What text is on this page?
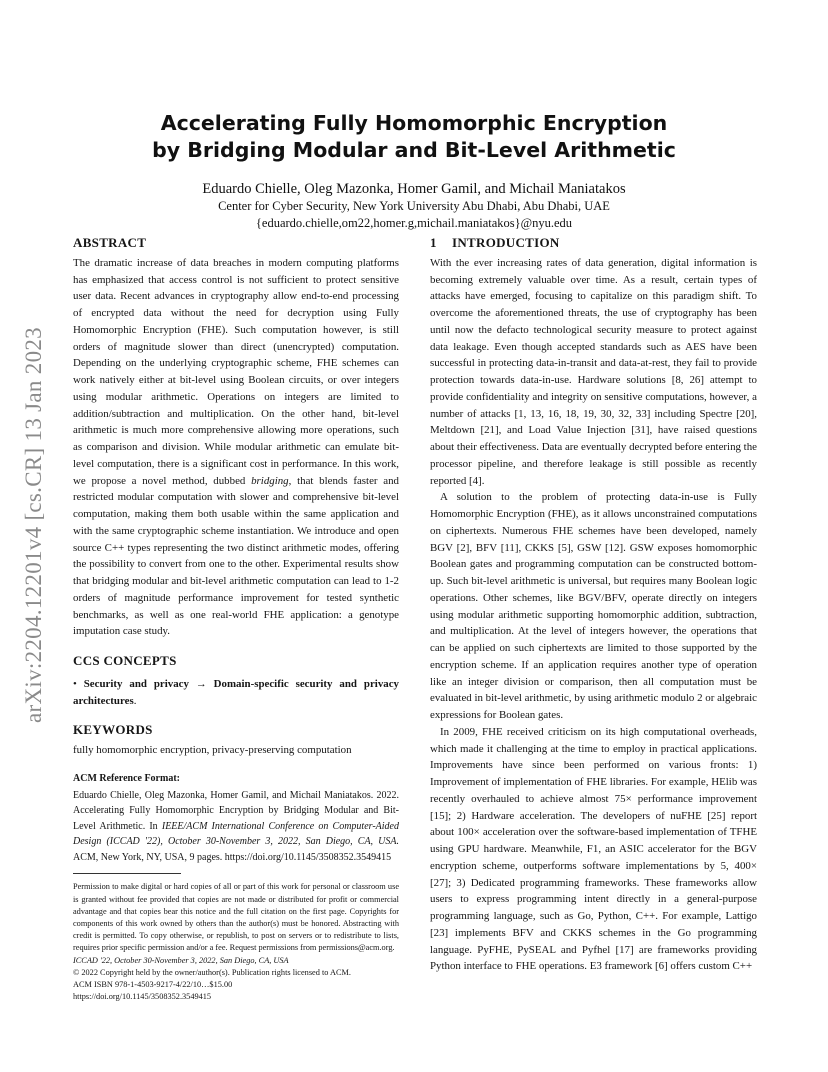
arXiv:2204.12201v4 [cs.CR] 13 Jan 2023
Accelerating Fully Homomorphic Encryption
by Bridging Modular and Bit-Level Arithmetic
Eduardo Chielle, Oleg Mazonka, Homer Gamil, and Michail Maniatakos
Center for Cyber Security, New York University Abu Dhabi, Abu Dhabi, UAE
{eduardo.chielle,om22,homer.g,michail.maniatakos}@nyu.edu
ABSTRACT

The dramatic increase of data breaches in modern computing platforms has emphasized that access control is not sufficient to protect sensitive user data. Recent advances in cryptography allow end-to-end processing of encrypted data without the need for decryption using Fully Homomorphic Encryption (FHE). Such computation however, is still orders of magnitude slower than direct (unencrypted) computation. Depending on the underlying cryptographic scheme, FHE schemes can work natively either at bit-level using Boolean circuits, or over integers using modular arithmetic. Operations on integers are limited to addition/subtraction and multiplication. On the other hand, bit-level arithmetic is much more comprehensive allowing more operations, such as comparison and division. While modular arithmetic can emulate bit-level computation, there is a significant cost in performance. In this work, we propose a novel method, dubbed bridging, that blends faster and restricted modular computation with slower and comprehensive bit-level computation, making them both usable within the same application and with the same cryptographic scheme instantiation. We introduce and open source C++ types representing the two distinct arithmetic modes, offering the possibility to convert from one to the other. Experimental results show that bridging modular and bit-level arithmetic computation can lead to 1-2 orders of magnitude performance improvement for tested synthetic benchmarks, as well as one real-world FHE application: a genotype imputation case study.

CCS CONCEPTS

• Security and privacy → Domain-specific security and privacy architectures.

KEYWORDS

fully homomorphic encryption, privacy-preserving computation

ACM Reference Format:

Eduardo Chielle, Oleg Mazonka, Homer Gamil, and Michail Maniatakos. 2022. Accelerating Fully Homomorphic Encryption by Bridging Modular and Bit-Level Arithmetic. In IEEE/ACM International Conference on Computer-Aided Design (ICCAD '22), October 30-November 3, 2022, San Diego, CA, USA. ACM, New York, NY, USA, 9 pages. https://doi.org/10.1145/3508352.3549415

Permission to make digital or hard copies of all or part of this work for personal or classroom use is granted without fee provided that copies are not made or distributed for profit or commercial advantage and that copies bear this notice and the full citation on the first page. Copyrights for components of this work owned by others than the author(s) must be honored. Abstracting with credit is permitted. To copy otherwise, or republish, to post on servers or to redistribute to lists, requires prior specific permission and/or a fee. Request permissions from permissions@acm.org.

ICCAD '22, October 30-November 3, 2022, San Diego, CA, USA
© 2022 Copyright held by the owner/author(s). Publication rights licensed to ACM.
ACM ISBN 978-1-4503-9217-4/22/10…$15.00
https://doi.org/10.1145/3508352.3549415
1 INTRODUCTION

With the ever increasing rates of data generation, digital information is becoming extremely valuable over time. As a result, certain types of attacks have emerged, focusing to capitalize on this paradigm shift. To overcome the aforementioned threats, the use of cryptography has been until now the defacto technological security measure to protect against data leakage. Even though accepted standards such as AES have been successful in protecting data-in-transit and data-at-rest, they fail to provide protection towards data-in-use. Hardware solutions [8, 26] attempt to provide confidentiality and integrity on sensitive computations, however, a number of attacks [1, 13, 16, 18, 19, 30, 32, 33] including Spectre [20], Meltdown [21], and Load Value Injection [31], have raised questions about their effectiveness. Data are eventually decrypted before entering the processor pipeline, and therefore leakage is still possible as recently reported [4].

A solution to the problem of protecting data-in-use is Fully Homomorphic Encryption (FHE), as it allows unconstrained computations on ciphertexts. Numerous FHE schemes have been developed, namely BGV [2], BFV [11], CKKS [5], GSW [12]. GSW exposes homomorphic Boolean gates and programming computation can be constructed bottom-up. Such bit-level arithmetic is universal, but requires many Boolean logic operations. Other schemes, like BGV/BFV, operate directly on integers using modular arithmetic supporting homomorphic addition, subtraction, and multiplication. At the level of integers however, the operations that can be applied on such ciphertexts are limited to those supported by the encryption scheme. If an application requires another type of operation like an integer division or comparison, then all computation must be evaluated in bit-level arithmetic, by using arithmetic modulo 2 or algebraic expressions for Boolean gates.

In 2009, FHE received criticism on its high computational overheads, which made it challenging at the time to employ in practical applications. Improvements have since been performed on various fronts: 1) Improvement of implementation of FHE libraries. For example, HElib was recently overhauled to achieve almost 75× performance improvement [15]; 2) Hardware acceleration. The developers of nuFHE [25] report about 100× acceleration over the software-based implementation of TFHE using GPU hardware. Meanwhile, F1, an ASIC accelerator for the BGV encryption scheme, outperforms software implementations by 5, 400× [27]; 3) Dedicated programming frameworks. These frameworks allow users to express programming intent directly in a general-purpose programming language, such as Go, Python, C++. For example, Lattigo [23] implements BFV and CKKS schemes in the Go programming language. PyFHE, PySEAL and Pyfhel [17] are frameworks providing Python interface to FHE operations. E3 framework [6] offers custom C++
